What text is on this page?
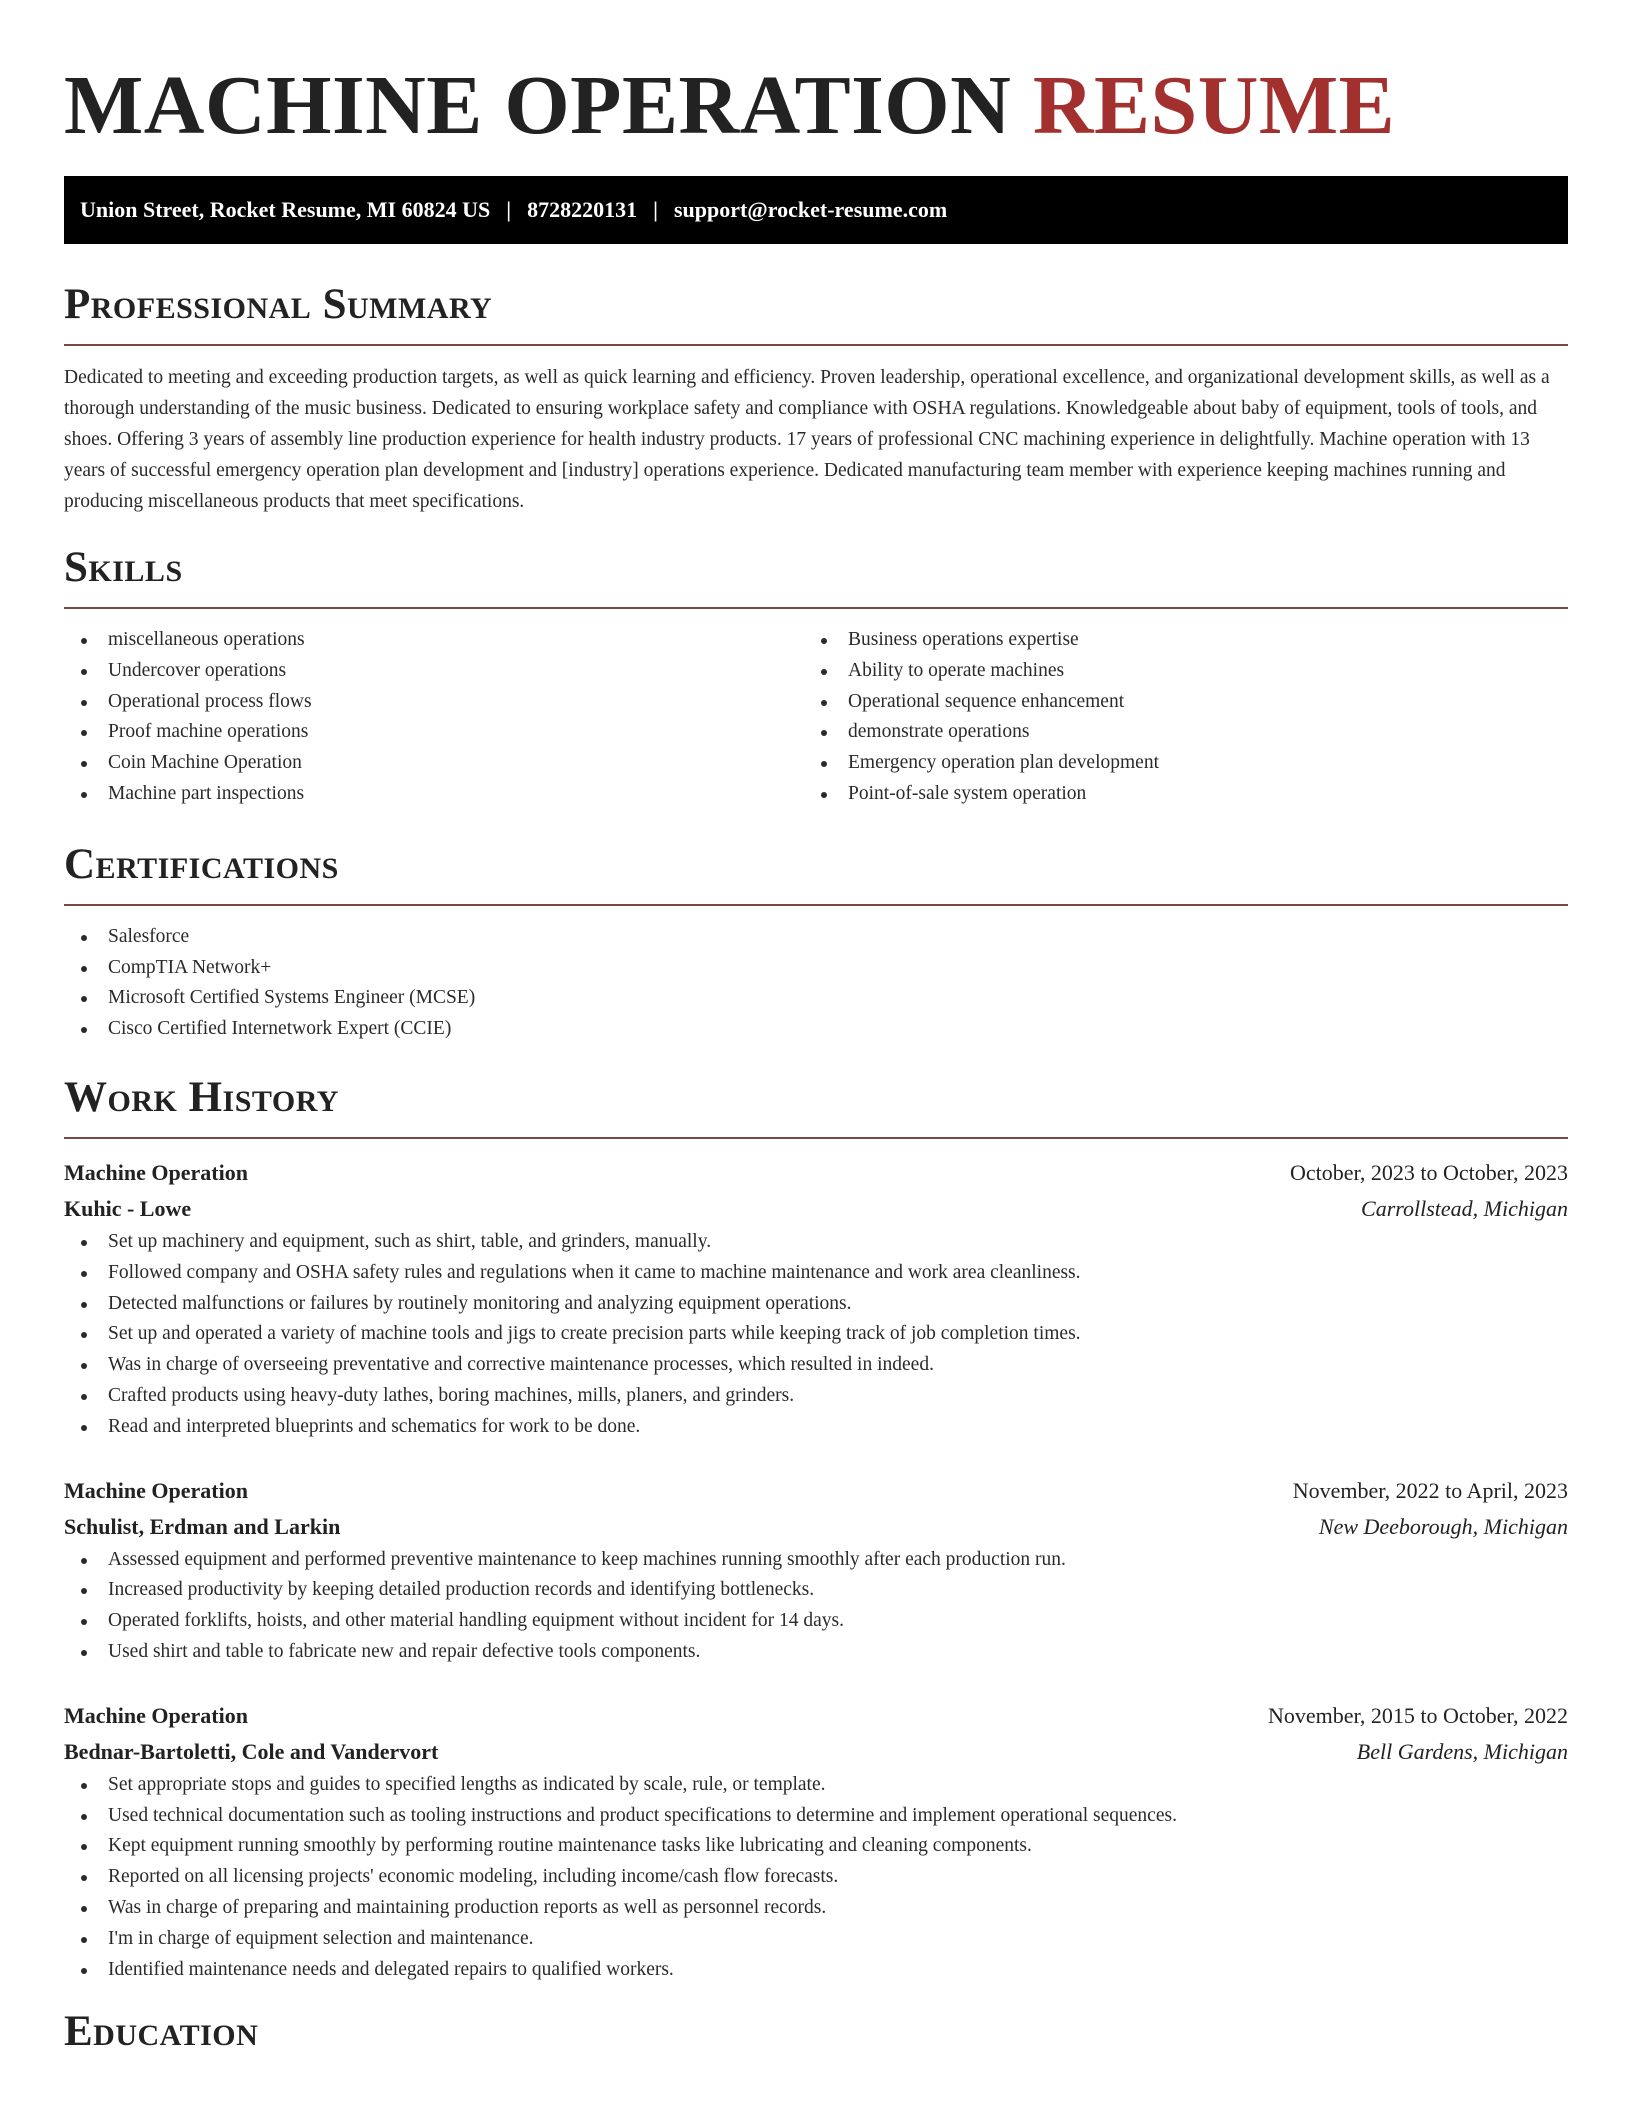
MACHINE OPERATION RESUME
Union Street, Rocket Resume, MI 60824 US | 8728220131 | support@rocket-resume.com
Professional Summary

Dedicated to meeting and exceeding production targets, as well as quick learning and efficiency. Proven leadership, operational excellence, and organizational development skills, as well as a thorough understanding of the music business. Dedicated to ensuring workplace safety and compliance with OSHA regulations. Knowledgeable about baby of equipment, tools of tools, and shoes. Offering 3 years of assembly line production experience for health industry products. 17 years of professional CNC machining experience in delightfully. Machine operation with 13 years of successful emergency operation plan development and [industry] operations experience. Dedicated manufacturing team member with experience keeping machines running and producing miscellaneous products that meet specifications.

Skills
miscellaneous operations
Undercover operations
Operational process flows
Proof machine operations
Coin Machine Operation
Machine part inspections
Business operations expertise
Ability to operate machines
Operational sequence enhancement
demonstrate operations
Emergency operation plan development
Point-of-sale system operation
Certifications
Salesforce
CompTIA Network+
Microsoft Certified Systems Engineer (MCSE)
Cisco Certified Internetwork Expert (CCIE)
Work History
Machine Operation	October, 2023 to October, 2023
Kuhic - Lowe	Carrollstead, Michigan
Set up machinery and equipment, such as shirt, table, and grinders, manually.
Followed company and OSHA safety rules and regulations when it came to machine maintenance and work area cleanliness.
Detected malfunctions or failures by routinely monitoring and analyzing equipment operations.
Set up and operated a variety of machine tools and jigs to create precision parts while keeping track of job completion times.
Was in charge of overseeing preventative and corrective maintenance processes, which resulted in indeed.
Crafted products using heavy-duty lathes, boring machines, mills, planers, and grinders.
Read and interpreted blueprints and schematics for work to be done.
Machine Operation	November, 2022 to April, 2023
Schulist, Erdman and Larkin	New Deeborough, Michigan
Assessed equipment and performed preventive maintenance to keep machines running smoothly after each production run.
Increased productivity by keeping detailed production records and identifying bottlenecks.
Operated forklifts, hoists, and other material handling equipment without incident for 14 days.
Used shirt and table to fabricate new and repair defective tools components.
Machine Operation	November, 2015 to October, 2022
Bednar-Bartoletti, Cole and Vandervort	Bell Gardens, Michigan
Set appropriate stops and guides to specified lengths as indicated by scale, rule, or template.
Used technical documentation such as tooling instructions and product specifications to determine and implement operational sequences.
Kept equipment running smoothly by performing routine maintenance tasks like lubricating and cleaning components.
Reported on all licensing projects' economic modeling, including income/cash flow forecasts.
Was in charge of preparing and maintaining production reports as well as personnel records.
I'm in charge of equipment selection and maintenance.
Identified maintenance needs and delegated repairs to qualified workers.
Education
